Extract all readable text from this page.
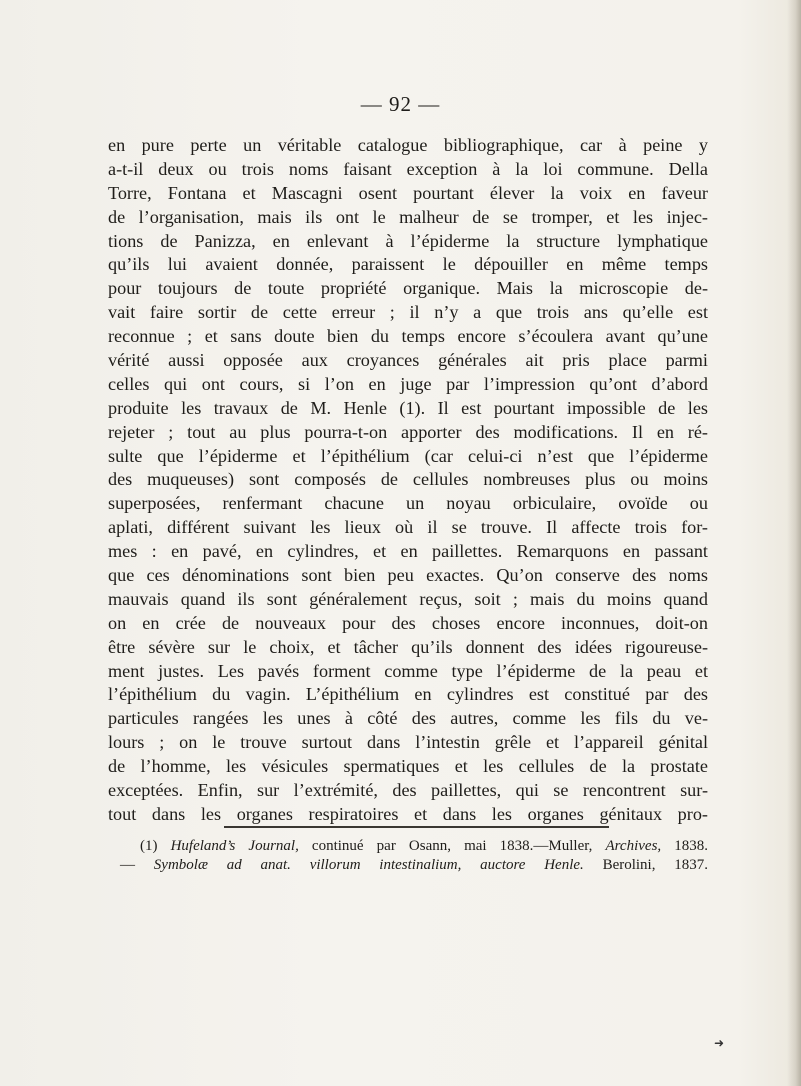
— 92 —
en pure perte un véritable catalogue bibliographique, car à peine y
a-t-il deux ou trois noms faisant exception à la loi commune. Della
Torre, Fontana et Mascagni osent pourtant élever la voix en faveur
de l’organisation, mais ils ont le malheur de se tromper, et les injec-
tions de Panizza, en enlevant à l’épiderme la structure lymphatique
qu’ils lui avaient donnée, paraissent le dépouiller en même temps
pour toujours de toute propriété organique. Mais la microscopie de-
vait faire sortir de cette erreur ; il n’y a que trois ans qu’elle est
reconnue ; et sans doute bien du temps encore s’écoulera avant qu’une
vérité aussi opposée aux croyances générales ait pris place parmi
celles qui ont cours, si l’on en juge par l’impression qu’ont d’abord
produite les travaux de M. Henle (1). Il est pourtant impossible de les
rejeter ; tout au plus pourra-t-on apporter des modifications. Il en ré-
sulte que l’épiderme et l’épithélium (car celui-ci n’est que l’épiderme
des muqueuses) sont composés de cellules nombreuses plus ou moins
superposées, renfermant chacune un noyau orbiculaire, ovoïde ou
aplati, différent suivant les lieux où il se trouve. Il affecte trois for-
mes : en pavé, en cylindres, et en paillettes. Remarquons en passant
que ces dénominations sont bien peu exactes. Qu’on conserve des noms
mauvais quand ils sont généralement reçus, soit ; mais du moins quand
on en crée de nouveaux pour des choses encore inconnues, doit-on
être sévère sur le choix, et tâcher qu’ils donnent des idées rigoureuse-
ment justes. Les pavés forment comme type l’épiderme de la peau et
l’épithélium du vagin. L’épithélium en cylindres est constitué par des
particules rangées les unes à côté des autres, comme les fils du ve-
lours ; on le trouve surtout dans l’intestin grêle et l’appareil génital
de l’homme, les vésicules spermatiques et les cellules de la prostate
exceptées. Enfin, sur l’extrémité, des paillettes, qui se rencontrent sur-
tout dans les organes respiratoires et dans les organes génitaux pro-
(1) Hufeland’s Journal, continué par Osann, mai 1838.—Muller, Archives, 1838.
— Symbolæ ad anat. villorum intestinalium, auctore Henle. Berolini, 1837.
➜
